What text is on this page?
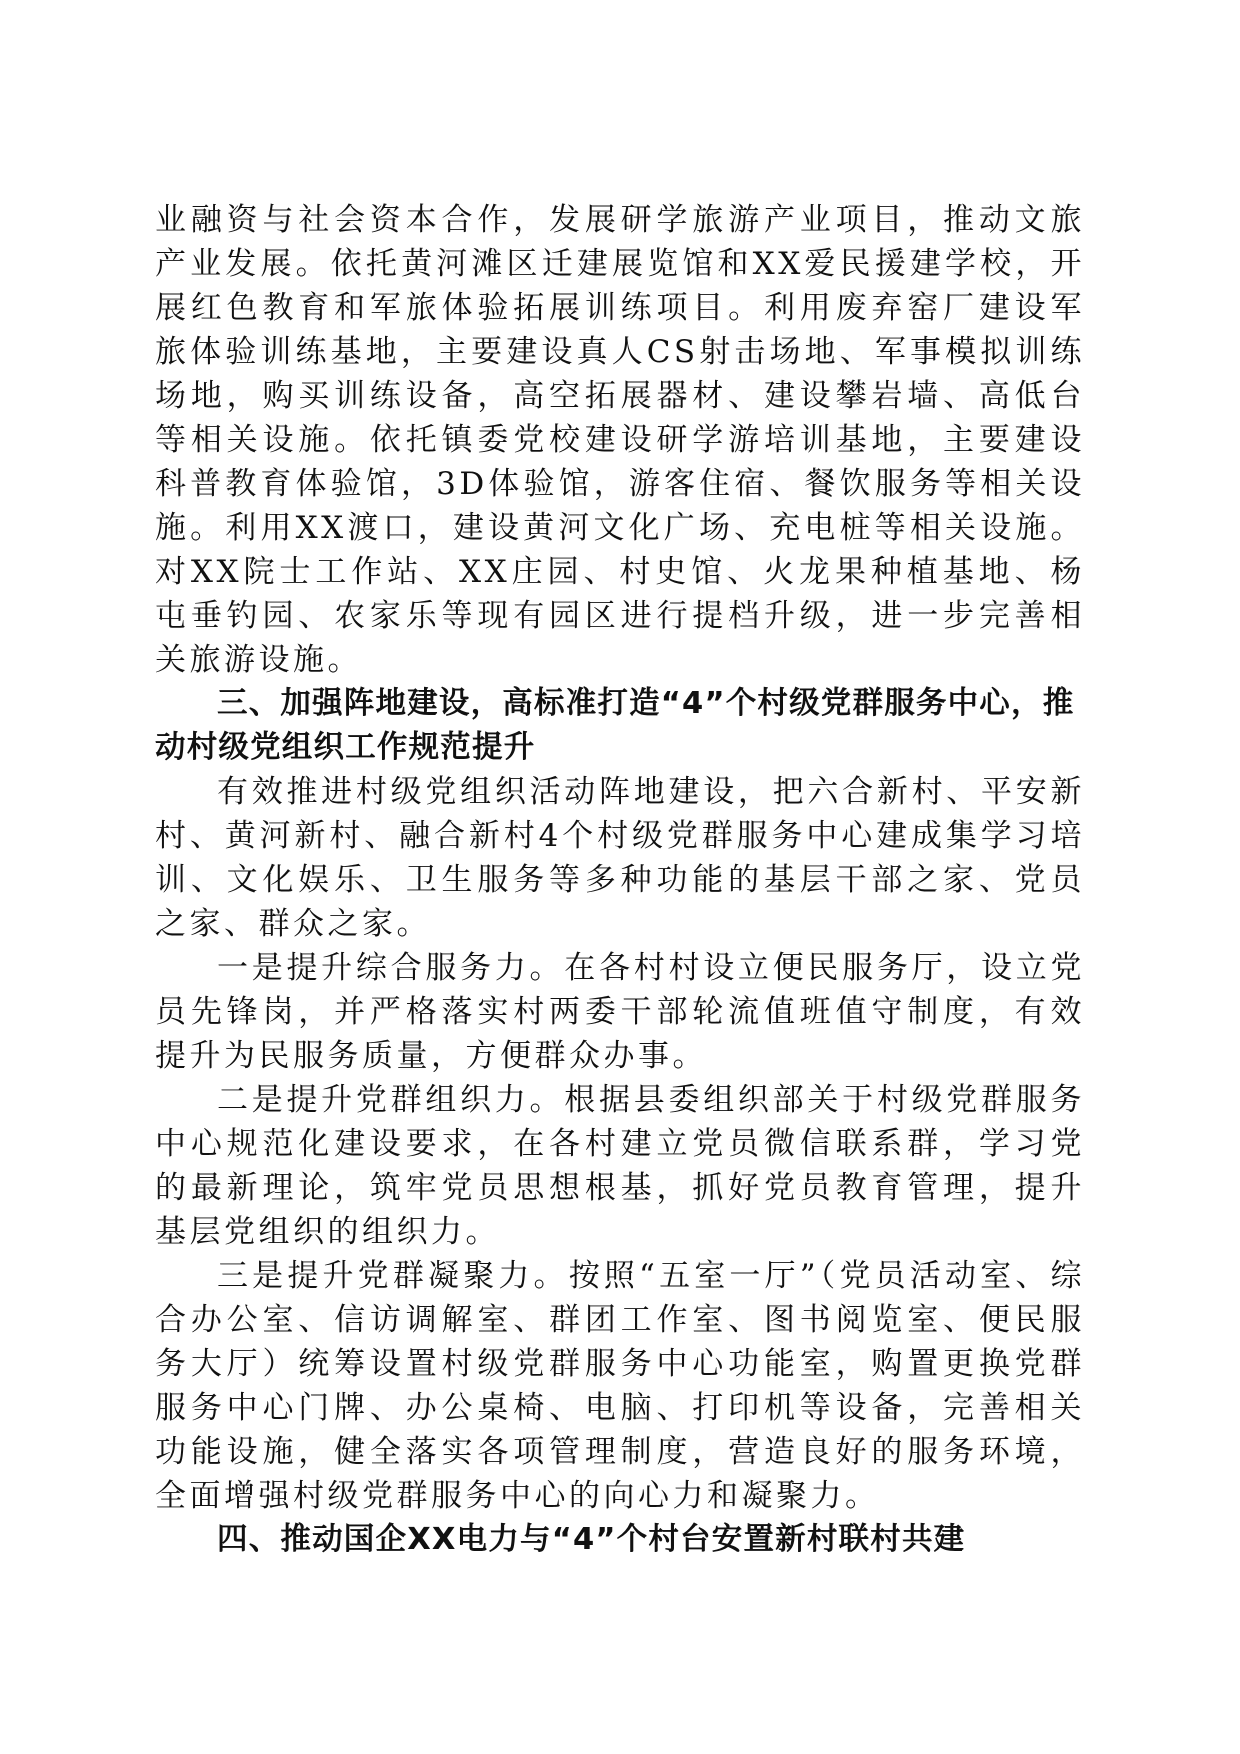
业融资与社会资本合作，发展研学旅游产业项目，推动文旅产业发展。依托黄河滩区迁建展览馆和XX爱民援建学校，开展红色教育和军旅体验拓展训练项目。利用废弃窑厂建设军旅体验训练基地，主要建设真人CS射击场地、军事模拟训练场地，购买训练设备，高空拓展器材、建设攀岩墙、高低台等相关设施。依托镇委党校建设研学游培训基地，主要建设科普教育体验馆，3D体验馆，游客住宿、餐饮服务等相关设施。利用XX渡口，建设黄河文化广场、充电桩等相关设施。对XX院士工作站、XX庄园、村史馆、火龙果种植基地、杨屯垂钓园、农家乐等现有园区进行提档升级，进一步完善相关旅游设施。

三、加强阵地建设，高标准打造“4”个村级党群服务中心，推动村级党组织工作规范提升

有效推进村级党组织活动阵地建设，把六合新村、平安新村、黄河新村、融合新村4个村级党群服务中心建成集学习培训、文化娱乐、卫生服务等多种功能的基层干部之家、党员之家、群众之家。

一是提升综合服务力。在各村村设立便民服务厅，设立党员先锋岗，并严格落实村两委干部轮流值班值守制度，有效提升为民服务质量，方便群众办事。

二是提升党群组织力。根据县委组织部关于村级党群服务中心规范化建设要求，在各村建立党员微信联系群，学习党的最新理论，筑牢党员思想根基，抓好党员教育管理，提升基层党组织的组织力。

三是提升党群凝聚力。按照“五室一厅”（党员活动室、综合办公室、信访调解室、群团工作室、图书阅览室、便民服务大厅）统筹设置村级党群服务中心功能室，购置更换党群服务中心门牌、办公桌椅、电脑、打印机等设备，完善相关功能设施，健全落实各项管理制度，营造良好的服务环境，全面增强村级党群服务中心的向心力和凝聚力。

四、推动国企XX电力与“4”个村台安置新村联村共建
